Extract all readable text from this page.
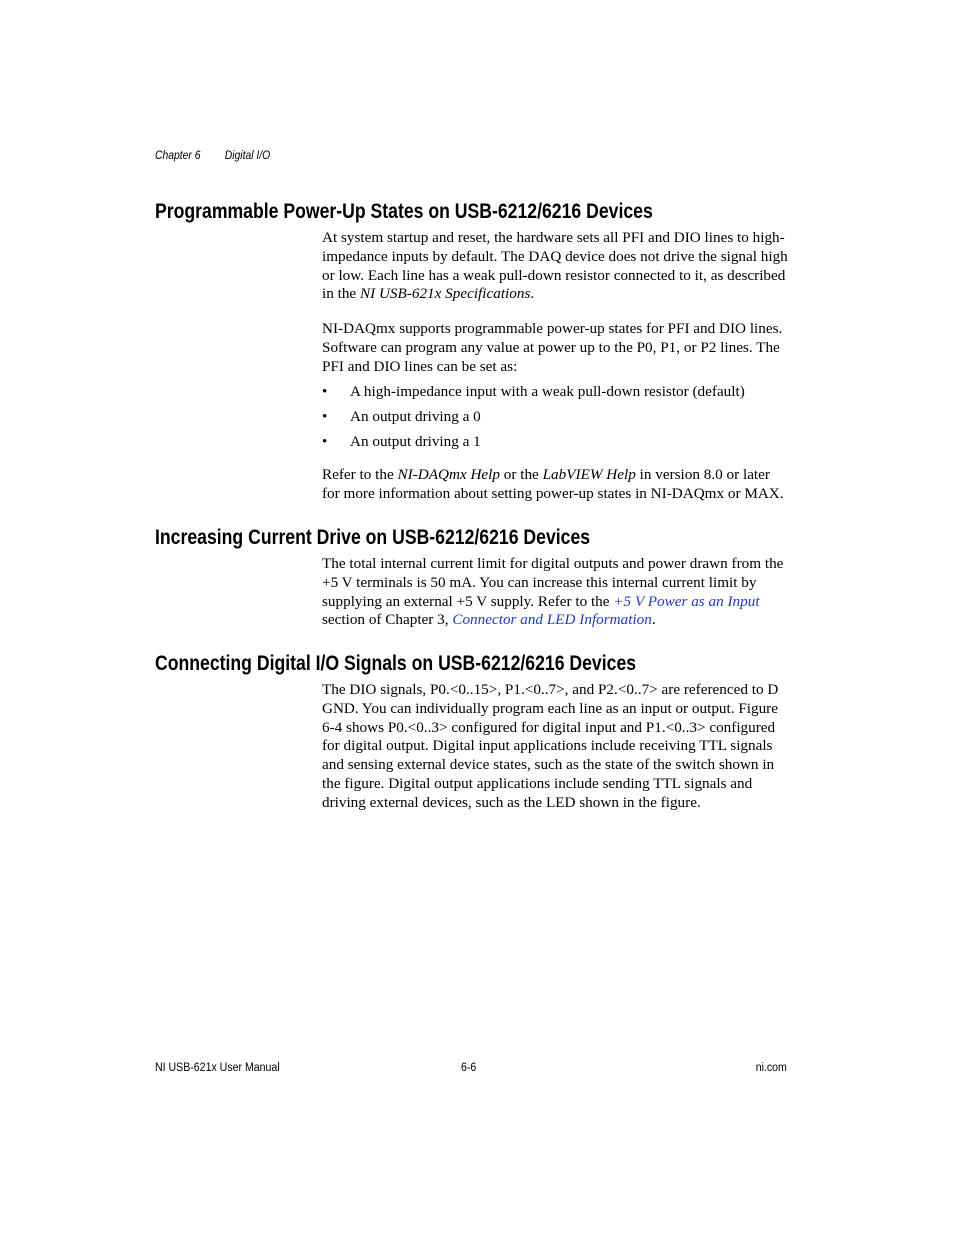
Chapter 6 Digital I/O
Programmable Power-Up States on USB-6212/6216 Devices

At system startup and reset, the hardware sets all PFI and DIO lines to high-impedance inputs by default. The DAQ device does not drive the signal high or low. Each line has a weak pull-down resistor connected to it, as described in the NI USB-621x Specifications.

NI-DAQmx supports programmable power-up states for PFI and DIO lines. Software can program any value at power up to the P0, P1, or P2 lines. The PFI and DIO lines can be set as:

• A high-impedance input with a weak pull-down resistor (default)
• An output driving a 0
• An output driving a 1

Refer to the NI-DAQmx Help or the LabVIEW Help in version 8.0 or later for more information about setting power-up states in NI-DAQmx or MAX.

Increasing Current Drive on USB-6212/6216 Devices

The total internal current limit for digital outputs and power drawn from the +5 V terminals is 50 mA. You can increase this internal current limit by supplying an external +5 V supply. Refer to the +5 V Power as an Input section of Chapter 3, Connector and LED Information.

Connecting Digital I/O Signals on USB-6212/6216 Devices

The DIO signals, P0.<0..15>, P1.<0..7>, and P2.<0..7> are referenced to D GND. You can individually program each line as an input or output. Figure 6-4 shows P0.<0..3> configured for digital input and P1.<0..3> configured for digital output. Digital input applications include receiving TTL signals and sensing external device states, such as the state of the switch shown in the figure. Digital output applications include sending TTL signals and driving external devices, such as the LED shown in the figure.

NI USB-621x User Manual	6-6	ni.com
